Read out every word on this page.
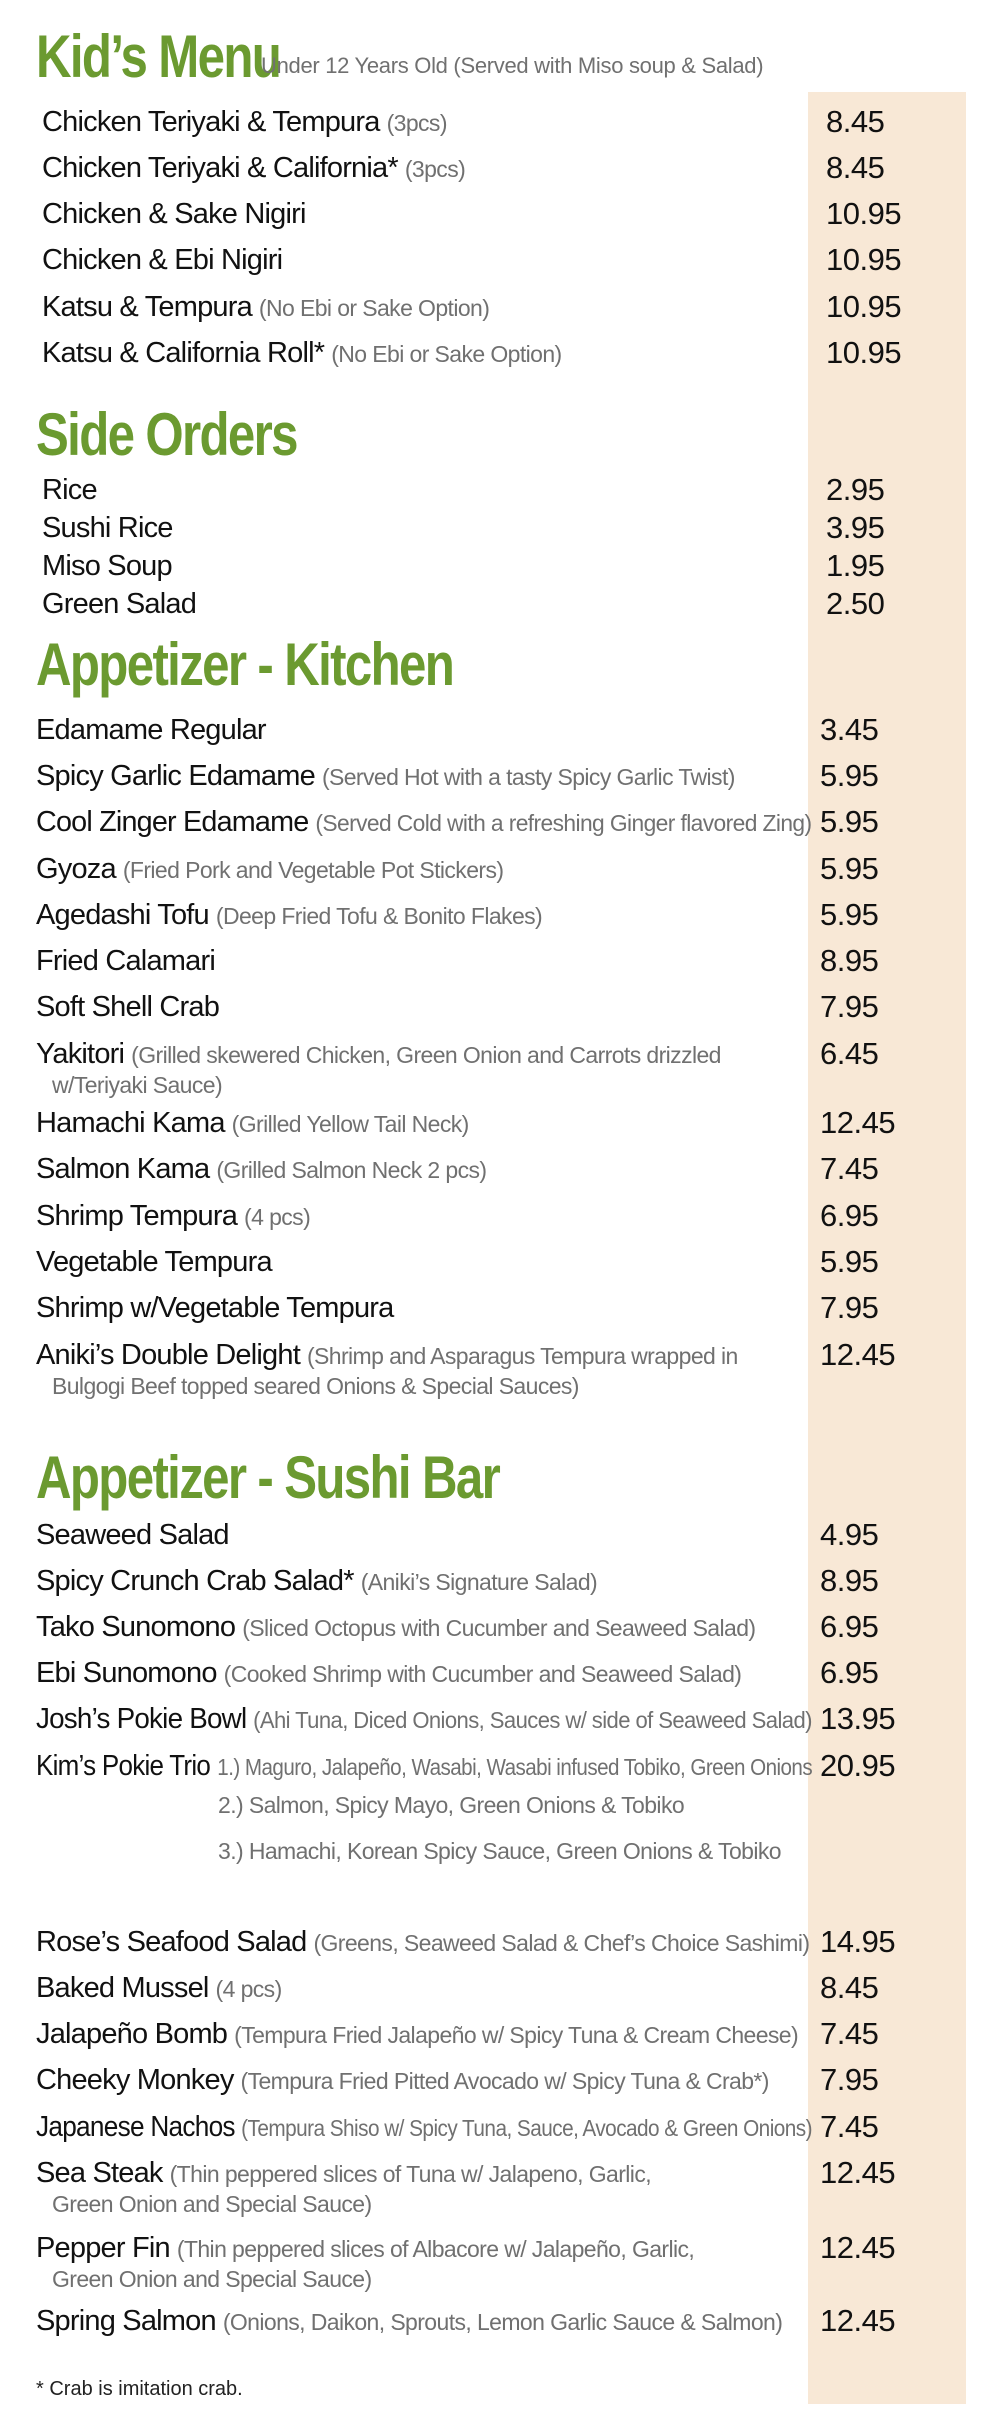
Kid’s Menu
Under 12 Years Old (Served with Miso soup & Salad)
Chicken Teriyaki & Tempura (3pcs)	8.45
Chicken Teriyaki & California* (3pcs)	8.45
Chicken & Sake Nigiri	10.95
Chicken & Ebi Nigiri	10.95
Katsu & Tempura (No Ebi or Sake Option)	10.95
Katsu & California Roll* (No Ebi or Sake Option)	10.95
Side Orders
Rice	2.95
Sushi Rice	3.95
Miso Soup	1.95
Green Salad	2.50
Appetizer - Kitchen
Edamame Regular	3.45
Spicy Garlic Edamame (Served Hot with a tasty Spicy Garlic Twist)	5.95
Cool Zinger Edamame (Served Cold with a refreshing Ginger flavored Zing) 5.95
Gyoza (Fried Pork and Vegetable Pot Stickers)	5.95
Agedashi Tofu (Deep Fried Tofu & Bonito Flakes)	5.95
Fried Calamari	8.95
Soft Shell Crab	7.95
Yakitori (Grilled skewered Chicken, Green Onion and Carrots drizzled
w/Teriyaki Sauce)
6.45
Hamachi Kama (Grilled Yellow Tail Neck)	12.45
Salmon Kama (Grilled Salmon Neck 2 pcs)	7.45
Shrimp Tempura (4 pcs)	6.95
Vegetable Tempura	5.95
Shrimp w/Vegetable Tempura	7.95
Aniki’s Double Delight (Shrimp and Asparagus Tempura wrapped in
Bulgogi Beef topped seared Onions & Special Sauces)
12.45
Appetizer - Sushi Bar
Seaweed Salad	4.95
Spicy Crunch Crab Salad* (Aniki’s Signature Salad)	8.95
Tako Sunomono (Sliced Octopus with Cucumber and Seaweed Salad) 6.95
Ebi Sunomono (Cooked Shrimp with Cucumber and Seaweed Salad)	6.95
Josh’s Pokie Bowl (Ahi Tuna, Diced Onions, Sauces w/ side of Seaweed Salad) 13.95
Kim’s Pokie Trio 1.) Maguro, Jalapeño, Wasabi, Wasabi infused Tobiko, Green Onions
2.) Salmon, Spicy Mayo, Green Onions & Tobiko
3.) Hamachi, Korean Spicy Sauce, Green Onions & Tobiko
20.95
Rose’s Seafood Salad (Greens, Seaweed Salad & Chef’s Choice Sashimi) 14.95
Baked Mussel (4 pcs)	8.45
Jalapeño Bomb (Tempura Fried Jalapeño w/ Spicy Tuna & Cream Cheese) 7.45
Cheeky Monkey (Tempura Fried Pitted Avocado w/ Spicy Tuna & Crab*) 7.95
Japanese Nachos (Tempura Shiso w/ Spicy Tuna, Sauce, Avocado & Green Onions) 7.45
Sea Steak (Thin peppered slices of Tuna w/ Jalapeno, Garlic,
Green Onion and Special Sauce)
12.45
Pepper Fin (Thin peppered slices of Albacore w/ Jalapeño, Garlic,
Green Onion and Special Sauce)
12.45
Spring Salmon (Onions, Daikon, Sprouts, Lemon Garlic Sauce & Salmon) 12.45
* Crab is imitation crab.
